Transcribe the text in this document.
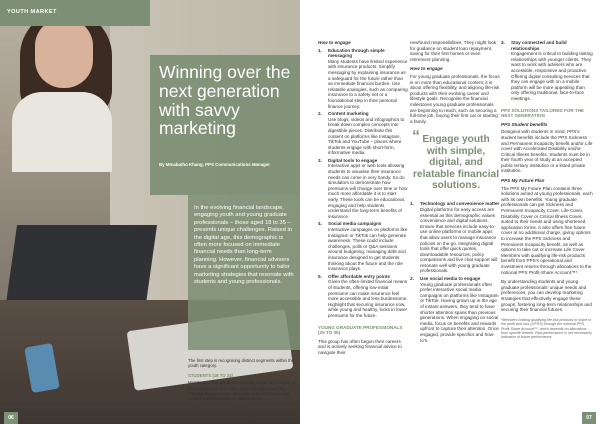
YOUTH MARKET
Winning over the next generation with savvy marketing
By Mmabatho Khang, PPS Communications Manager

In the evolving financial landscape, engaging youth and young graduate professionals – those aged 18 to 35 – presents unique challenges. Raised in the digital age, this demographic is often more focused on immediate financial needs than long-term planning. However, financial advisers have a significant opportunity to tailor marketing strategies that resonate with students and young professionals.

The first step is recognising distinct segments within the youth category.
STUDENTS (18 TO 24)
Members of this group are typically in the early stages of financial literacy and often seek affordable ways to manage their finances, understand student loans and explore basic investment opportunities.
06	07
How to engage
1. Education through simple messaging
Many students have limited experience with insurance products. Simplify messaging by explaining insurance as a safeguard for the future rather than an immediate financial burden. Use relatable analogies, such as comparing insurance to a safety net or a foundational step in their personal finance journey.
2. Content marketing
Use blogs, videos and infographics to break down complex concepts into digestible pieces. Distribute this content on platforms like Instagram, TikTok and YouTube – places where students engage with short-form, informative media.
3. Digital tools to engage
Interactive apps or web tools allowing students to visualise their insurance needs can come in very handy. So do simulators to demonstrate how premiums will change over time or how much more affordable it is to start early. These tools can be educational, engaging and help students understand the long-term benefits of insurance.
4. Social media campaigns
Interactive campaigns on platforms like Instagram or TikTok can help generate awareness. These could include challenges, polls or Q&A sessions around budgeting, managing debt and insurance designed to get students thinking about the future and the role insurance plays.
5. Offer affordable entry points
Given the often-limited financial means of students, offering low-initial premiums can make insurance feel more accessible and less burdensome. Highlight that securing insurance now, while young and healthy, locks in lower premiums for the future.
YOUNG GRADUATE PROFESSIONALS (25 TO 35)
This group has often begun their careers and is actively seeking financial advice to navigate their
newfound responsibilities. They might look for guidance on student loan repayment, saving for their first homes or even retirement planning.
How to engage
For young graduate professionals, the focus is on more than educational content; it is about offering flexibility, and aligning life-risk products with their evolving career and lifestyle goals. Recognise the financial milestones young graduate professionals are beginning to reach, such as securing a full-time job, buying their first car or starting a family.
“ Engage youth with simple, digital, and relatable financial solutions.
1. Technology and convenience matter
Digital platforms for easy access are essential as this demographic values convenience and digital solutions. Ensure that services include easy-to-use online platforms or mobile apps that allow users to manage insurance policies on the go. Integrating digital tools that offer quick quotes, downloadable resources, policy comparisons and live chat support will resonate well with young graduate professionals.
2. Use social media to engage
Young graduate professionals often prefer interactive social media campaigns on platforms like Instagram or TikTok. Having grown up in the age of instant answers, they tend to have shorter attention spans than previous generations. When engaging on social media, focus on benefits and rewards upfront to capture their attention. Once engaged, provide specifics and how-to's.
3. Stay connected and build relationships
Engagement is critical to building lasting relationships with younger clients. They want to work with advisers who are accessible, responsive and proactive. Offering digital consulting services that they can engage with on a mobile platform will be more appealing than only offering traditional, face-to-face meetings.
PPS SOLUTIONS TAILORED FOR THE NEXT GENERATION
PPS Student benefits
Designed with students in mind, PPS's student benefits include the PPS Sickness and Permanent Incapacity benefit and/or Life cover with Accelerated Disability and/or Critical Illness benefits. Students must be in their fourth year of study at an accepted public tertiary institution or a listed private institution.
PPS My Future Plan
The PPS My Future Plan contains three solutions aimed at young professionals, each with its own benefits. Young graduate professionals can get Sickness and Permanent Incapacity Cover, Life Cover, Disability Cover or Critical Illness Cover, suited to their needs and using shortened application forms. It also offers free future cover at no additional charge, giving options to increase the PPS Sickness and Permanent Incapacity benefit, as well as options to take out or increase Life Cover. Members with qualifying life-risk products benefit from PPS's operational and investment returns through allocations to the notional PPS Profit-Share Account™*.
By understanding students and young graduate professionals' unique needs and preferences, you can develop marketing strategies that effectively engage these groups, fostering long-term relationships and securing their financial futures.
*Members holding qualifying life-risk products to share in the profit and loss (LIFRS) through the notional PPS Profit-Share Account™, which depends on allocations from specific benefit. Past performance is not necessarily indicative of future performance.
